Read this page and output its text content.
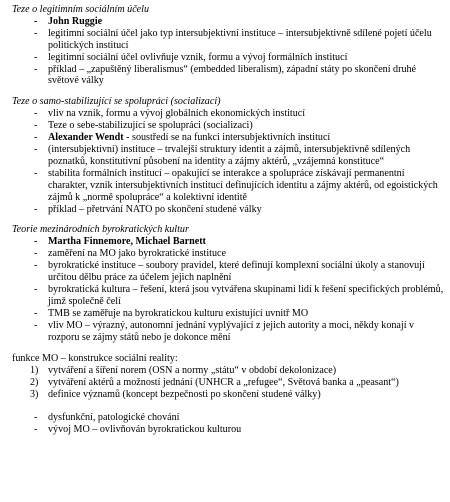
Teze o legitimním sociálním účelu
- John Ruggie
- legitimní sociální účel jako typ intersubjektivní instituce – intersubjektivně sdílené pojetí účelu politických institucí
- legitimní sociální účel ovlivňuje vznik, formu a vývoj formálních institucí
- příklad – „zapuštěný liberalismus“ (embedded liberalism), západní státy po skončení druhé světové války
Teze o samo-stabilizující se spolupráci (socializaci)
- vliv na vznik, formu a vývoj globálních ekonomických institucí
- Teze o sebe-stabilizující se spolupráci (socializaci)
- Alexander Wendt - soustředí se na funkci intersubjektivních institucí
- (intersubjektivní) instituce – trvalejší struktury identit a zájmů, intersubjektivně sdílených poznatků, konstitutivní působení na identity a zájmy aktérů, „vzájemná konstituce“
- stabilita formálních institucí – opakující se interakce a spolupráce získávají permanentní charakter, vznik intersubjektivních institucí definujících identitu a zájmy aktérů, od egoistických zájmů k „normě spolupráce“ a kolektivní identitě
- příklad – přetrvání NATO po skončení studené války
Teorie mezinárodních byrokratických kultur
- Martha Finnemore, Michael Barnett
- zaměření na MO jako byrokratické instituce
- byrokratické instituce – soubory pravidel, které definují komplexní sociální úkoly a stanovují určitou dělbu práce za účelem jejich naplnění
- byrokratická kultura – řešení, která jsou vytvářena skupinami lidí k řešení specifických problémů, jimž společně čelí
- TMB se zaměřuje na byrokratickou kulturu existující uvnitř MO
- vliv MO – výrazný, autonomní jednání vyplývající z jejich autority a moci, někdy konají v rozporu se zájmy států nebo je dokonce mění
funkce MO – konstrukce sociální reality:
1) vytváření a šíření norem (OSN a normy „státu“ v období dekolonizace)
2) vytváření aktérů a možností jednání (UNHCR a „refugee“, Světová banka a „peasant“)
3) definice významů (koncept bezpečnosti po skončení studené války)
- dysfunkční, patologické chování
- vývoj MO – ovlivňován byrokratickou kulturou
